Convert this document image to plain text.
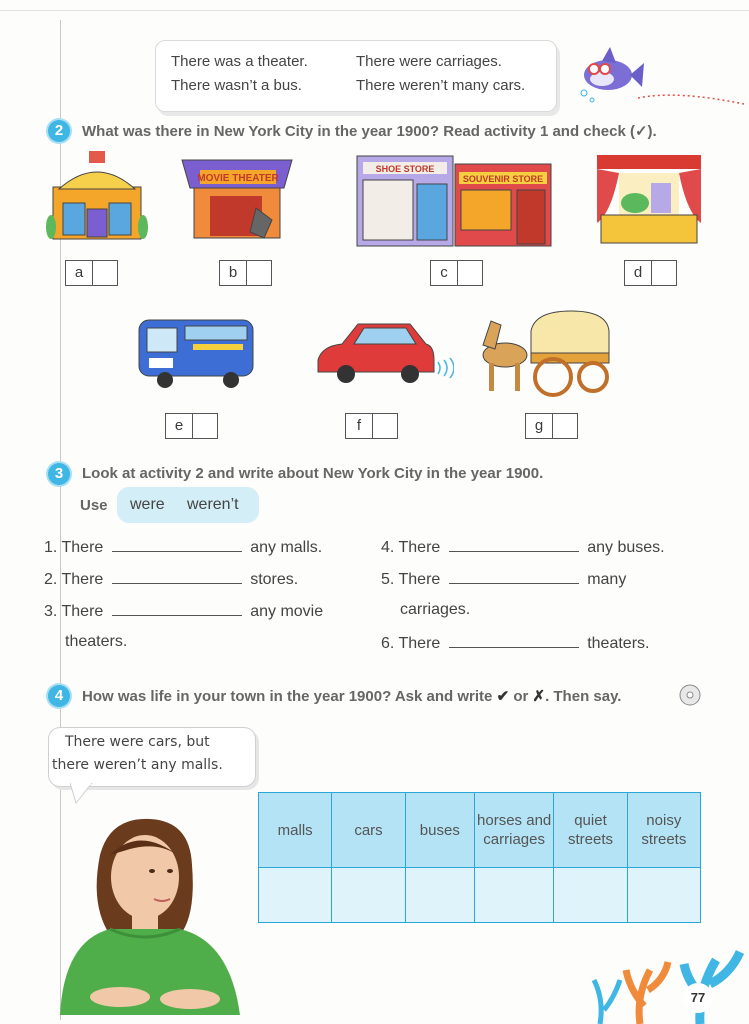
There was a theater.	There were carriages.
There wasn’t a bus.	There weren’t many cars.
2	What was there in New York City in the year 1900? Read activity 1 and check (✓).
MOVIE THEATER
SHOE STORE
SOUVENIR STORE
a	b	c	d
e	f	g
3	Look at activity 2 and write about New York City in the year 1900.
Use were weren’t
1. There	any malls.
2. There	stores.
3. There	any movie
theaters.
4. There	any buses.
5. There	many
carriages.
6. There	theaters.
4	How was life in your town in the year 1900? Ask and write ✔ or ✗. Then say.
There were cars, but
there weren’t any malls.
malls	cars	buses	horses and carriages	quiet streets	noisy streets

77
